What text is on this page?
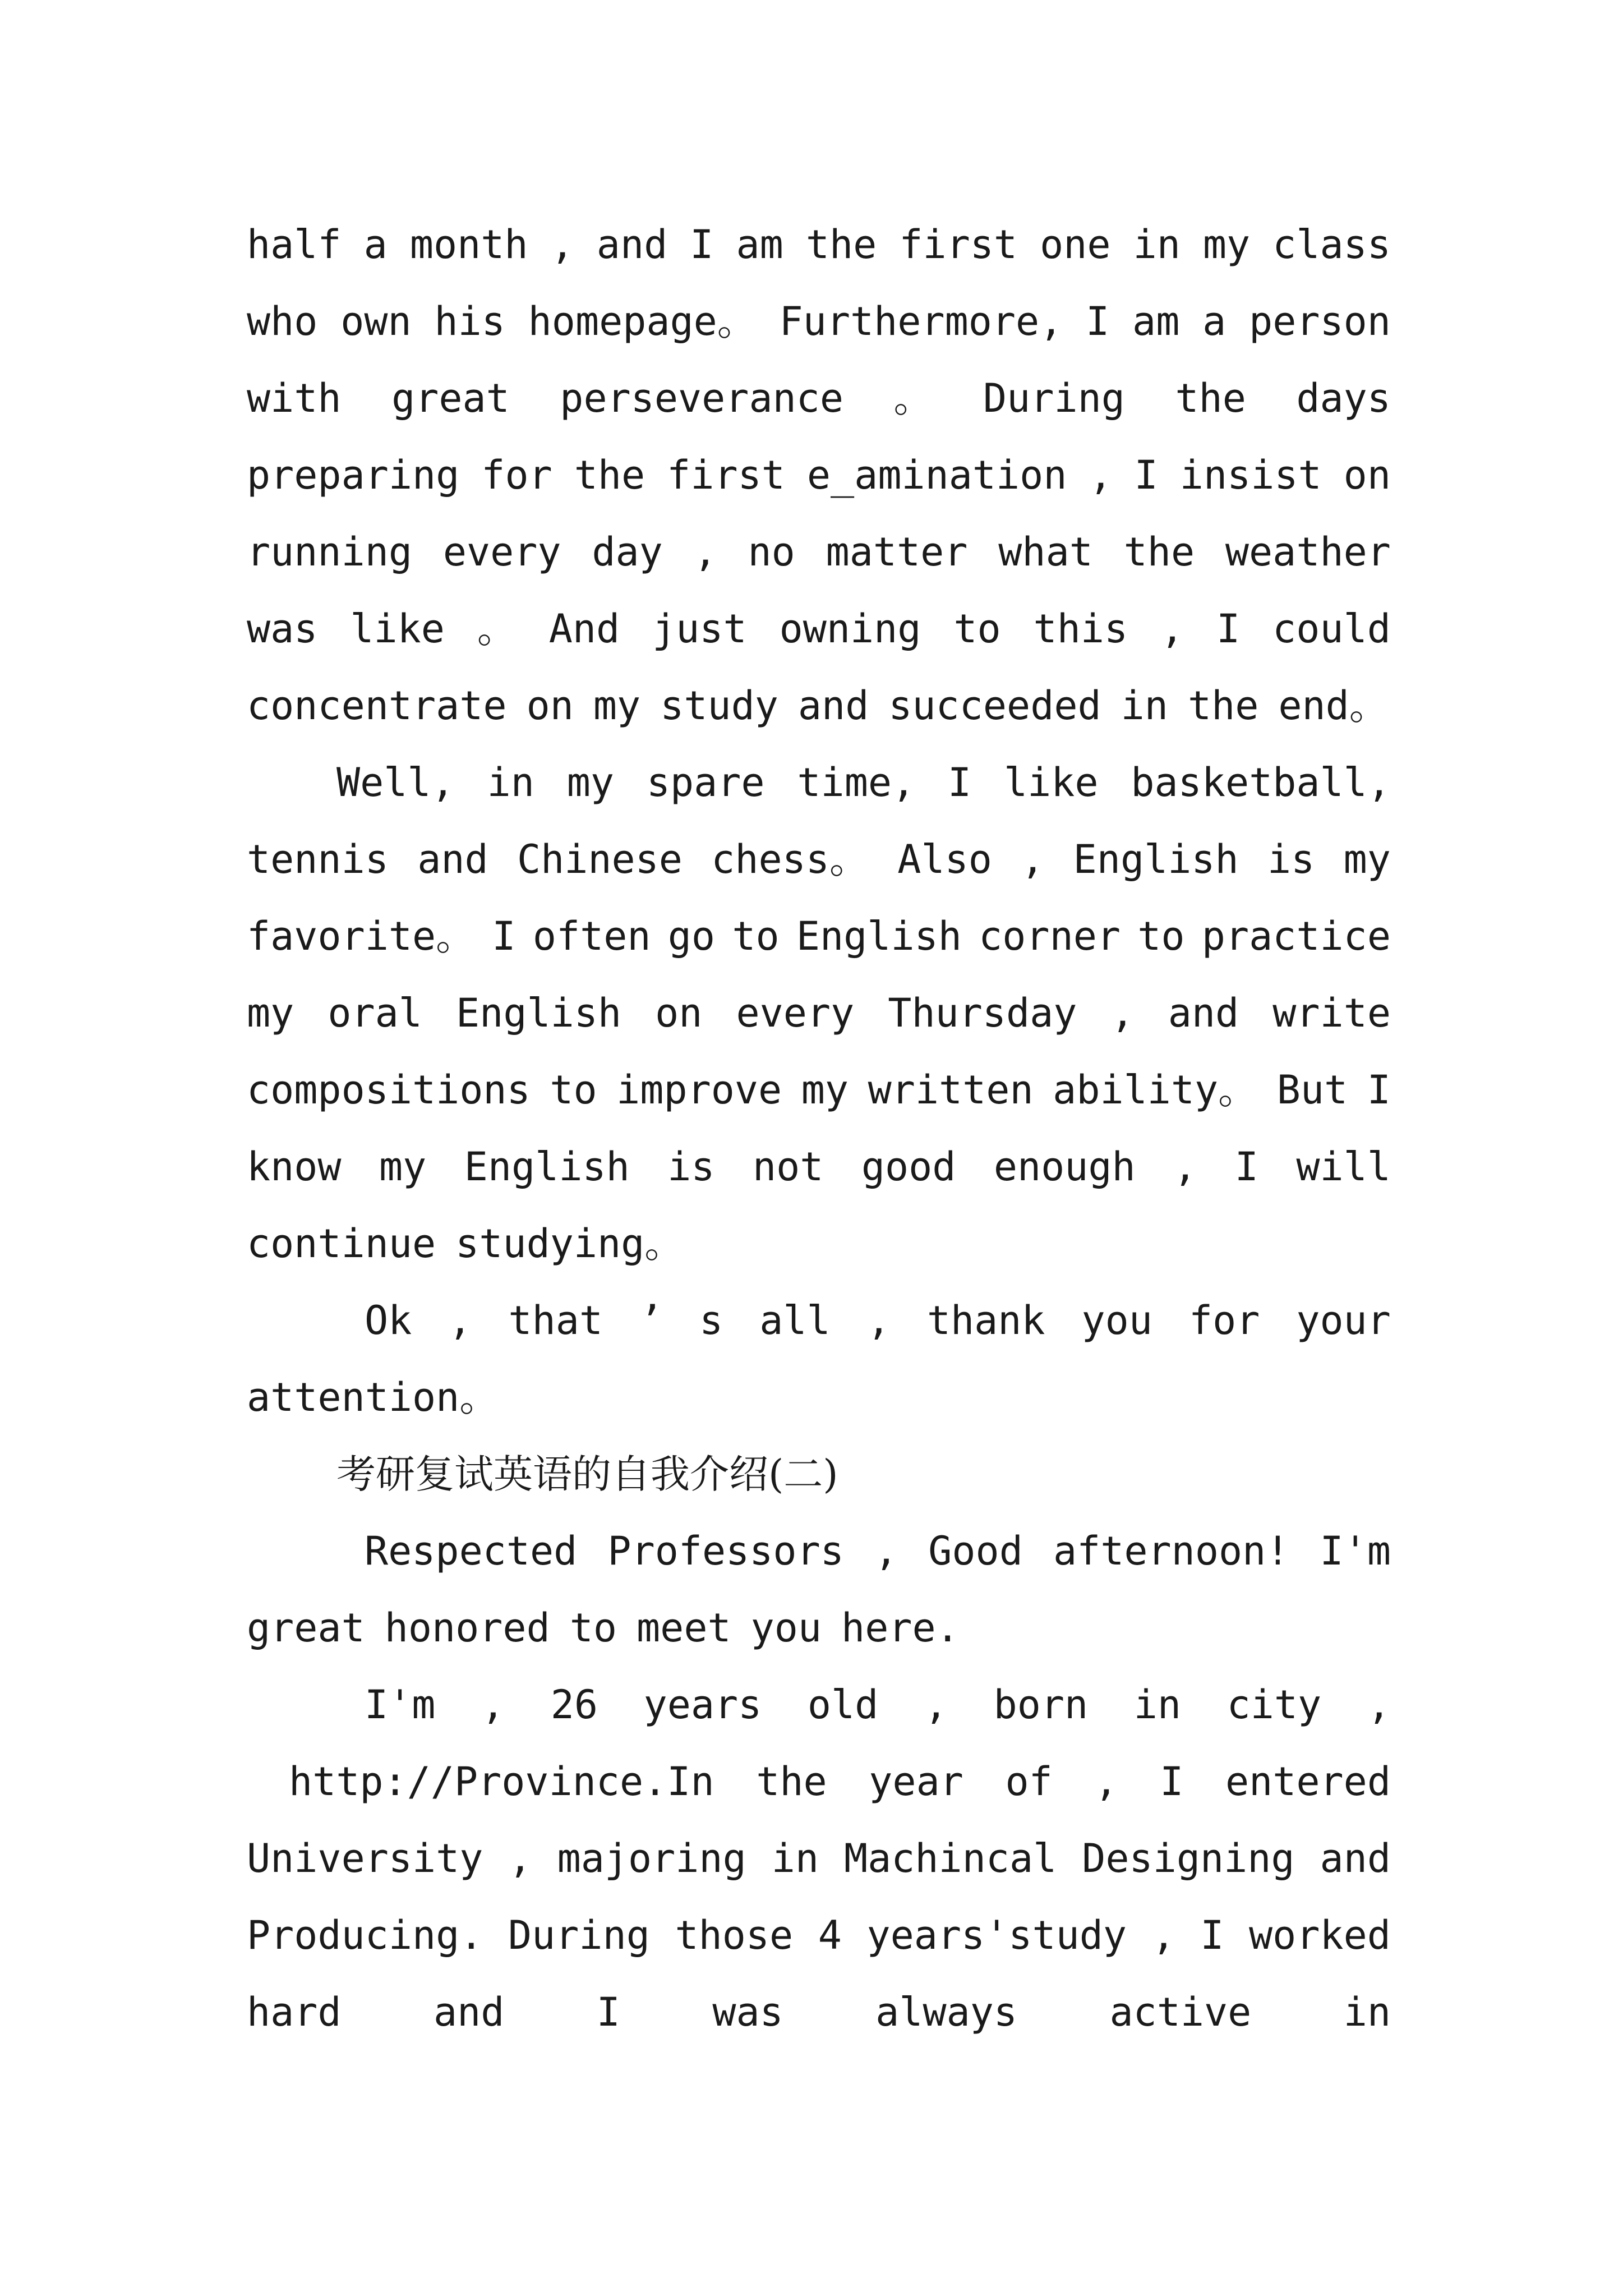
half a month , and I am the first one in my class
who own his homepage。 Furthermore, I am a person
with great perseverance 。 During the days
preparing for the first e_amination , I insist on
running every day , no matter what the weather
was like 。 And just owning to this , I could
concentrate on my study and succeeded in the end。
Well, in my spare time, I like basketball,
tennis and Chinese chess。 Also , English is my
favorite。 I often go to English corner to practice
my oral English on every Thursday , and write
compositions to improve my written ability。 But I
know my English is not good enough , I will
continue studying。
Ok , that ’ s all , thank you for your
attention。
考研复试英语的自我介绍(二)
Respected Professors , Good afternoon! I'm
great honored to meet you here.
I'm , 26 years old , born in city ,
http://Province.In the year of , I entered
University , majoring in Machincal Designing and
Producing. During those 4 years'study , I worked
hard and I was always active in
